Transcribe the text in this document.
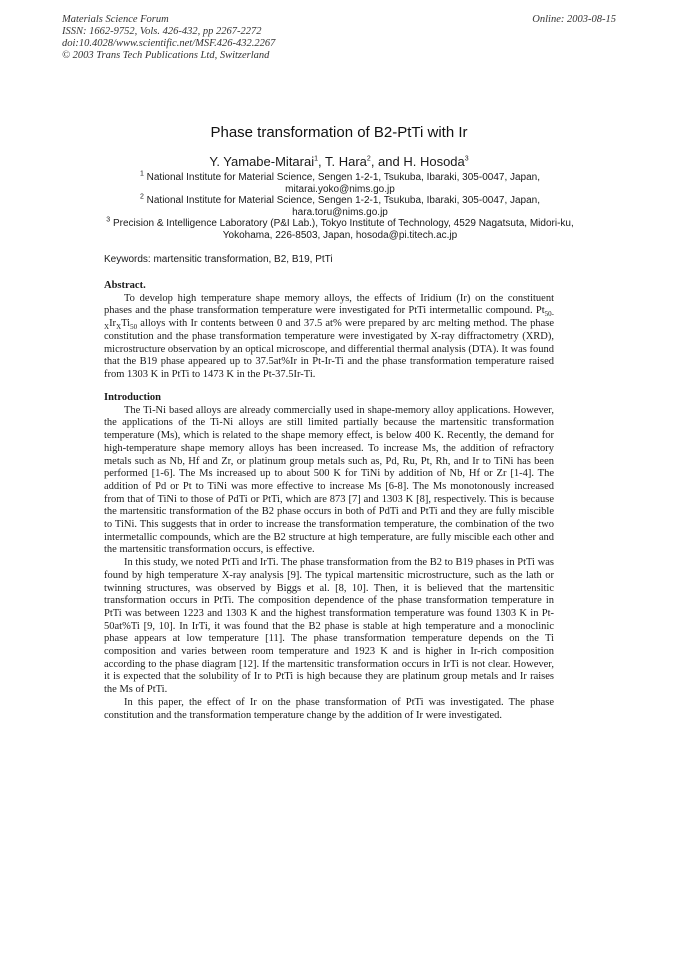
Materials Science Forum
ISSN: 1662-9752, Vols. 426-432, pp 2267-2272
doi:10.4028/www.scientific.net/MSF.426-432.2267
© 2003 Trans Tech Publications Ltd, Switzerland
Online: 2003-08-15
Phase transformation of B2-PtTi with Ir
Y. Yamabe-Mitarai$^1$, T. Hara$^2$, and H. Hosoda$^3$
$^1$ National Institute for Material Science, Sengen 1-2-1, Tsukuba, Ibaraki, 305-0047, Japan, mitarai.yoko@nims.go.jp
$^2$ National Institute for Material Science, Sengen 1-2-1, Tsukuba, Ibaraki, 305-0047, Japan, hara.toru@nims.go.jp
$^3$ Precision & Intelligence Laboratory (P&I Lab.), Tokyo Institute of Technology, 4529 Nagatsuta, Midori-ku, Yokohama, 226-8503, Japan, hosoda@pi.titech.ac.jp
Keywords: martensitic transformation, B2, B19, PtTi
Abstract.

To develop high temperature shape memory alloys, the effects of Iridium (Ir) on the constituent phases and the phase transformation temperature were investigated for PtTi intermetallic compound. $Pt_{50-X}Ir_XTi_{50}$ alloys with Ir contents between 0 and 37.5 at% were prepared by arc melting method. The phase constitution and the phase transformation temperature were investigated by X-ray diffractometry (XRD), microstructure observation by an optical microscope, and differential thermal analysis (DTA). It was found that the B19 phase appeared up to 37.5at%Ir in Pt-Ir-Ti and the phase transformation temperature raised from 1303 K in PtTi to 1473 K in the Pt-37.5Ir-Ti.

Introduction

The Ti-Ni based alloys are already commercially used in shape-memory alloy applications. However, the applications of the Ti-Ni alloys are still limited partially because the martensitic transformation temperature (Ms), which is related to the shape memory effect, is below 400 K. Recently, the demand for high-temperature shape memory alloys has been increased. To increase Ms, the addition of refractory metals such as Nb, Hf and Zr, or platinum group metals such as, Pd, Ru, Pt, Rh, and Ir to TiNi has been performed [1-6]. The Ms increased up to about 500 K for TiNi by addition of Nb, Hf or Zr [1-4]. The addition of Pd or Pt to TiNi was more effective to increase Ms [6-8]. The Ms monotonously increased from that of TiNi to those of PdTi or PtTi, which are 873 [7] and 1303 K [8], respectively. This is because the martensitic transformation of the B2 phase occurs in both of PdTi and PtTi and they are fully miscible to TiNi. This suggests that in order to increase the transformation temperature, the combination of the two intermetallic compounds, which are the B2 structure at high temperature, are fully miscible each other and the martensitic transformation occurs, is effective.

In this study, we noted PtTi and IrTi. The phase transformation from the B2 to B19 phases in PtTi was found by high temperature X-ray analysis [9]. The typical martensitic microstructure, such as the lath or twinning structures, was observed by Biggs et al. [8, 10]. Then, it is believed that the martensitic transformation occurs in PtTi. The composition dependence of the phase transformation temperature in PtTi was between 1223 and 1303 K and the highest transformation temperature was found 1303 K in Pt-50at%Ti [9, 10]. In IrTi, it was found that the B2 phase is stable at high temperature and a monoclinic phase appears at low temperature [11]. The phase transformation temperature depends on the Ti composition and varies between room temperature and 1923 K and is higher in Ir-rich composition according to the phase diagram [12]. If the martensitic transformation occurs in IrTi is not clear. However, it is expected that the solubility of Ir to PtTi is high because they are platinum group metals and Ir raises the Ms of PtTi.

In this paper, the effect of Ir on the phase transformation of PtTi was investigated. The phase constitution and the transformation temperature change by the addition of Ir were investigated.
